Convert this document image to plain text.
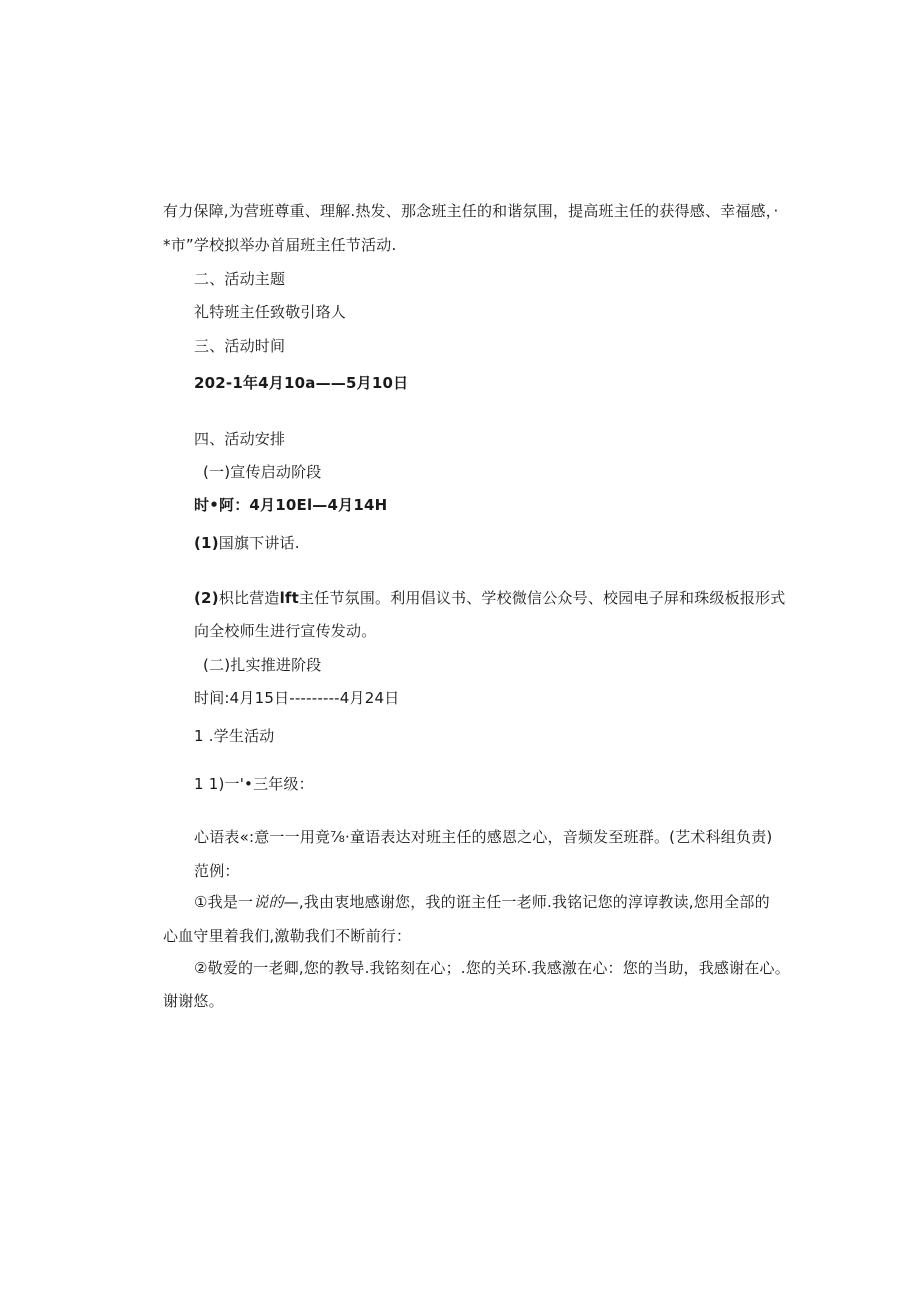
有力保障,为营班尊重、理解.热发、那念班主任的和谐氛围，提高班主任的获得感、幸福感，·
*市”学校拟举办首届班主任节活动.
二、活动主题
礼特班主任致敬引珞人
三、活动时间
202-1年4月10a——5月10日
四、活动安排
(一)宣传启动阶段
时•阿：4月10El—4月14H
(1)国旗下讲话.
(2)枳比营造lft主任节氛围。利用倡议书、学校微信公众号、校园电子屏和珠级板报形式
向全校师生进行宣传发动。
(二)扎实推进阶段
时间:4月15日---------4月24日
1 .学生活动
1 1)一'•三年级：
心语表«:意一一用竟⅞·童语表达对班主任的感恩之心，音频发至班群。(艺术科组负责)
范例：
①我是一说的—,我由衷地感谢您，我的诳主任一老师.我铭记您的淳谆教读,您用全部的
心血守里着我们,激勒我们不断前行：
②敬爱的一老卿,您的教导.我铭刻在心；.您的关环.我感激在心：您的当助，我感谢在心。
谢谢悠。
